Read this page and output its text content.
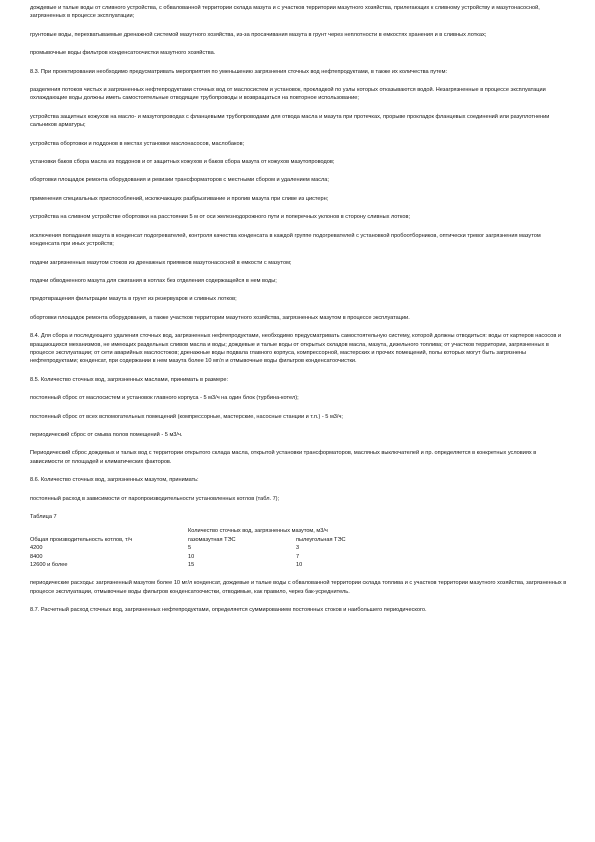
дождевые и талые воды от сливного устройства, с обвалованной территории склада мазута и с участков территории мазутного хозяйства, прилегающих к сливному устройству и мазутонасосной, загрязненных в процессе эксплуатации;

грунтовые воды, перехватываемые дренажной системой мазутного хозяйства, из-за просачивания мазута в грунт через неплотности в емкостях хранения и в сливных лотках;

промывочные воды фильтров конденсатоочистки мазутного хозяйства.

8.3. При проектировании необходимо предусматривать мероприятия по уменьшению загрязнения сточных вод нефтепродуктами, в также их количества путем:

разделения потоков чистых и загрязненных нефтепродуктами сточных вод от маслосистем и установок, прокладкой по узлы которых отказываются водой. Незагрязненные в процессе эксплуатации охлаждающие воды должны иметь самостоятельные отводящие трубопроводы и возвращаться на повторное использование;

устройства защитных кожухов на масло- и мазутопроводах с фланцевыми трубопроводами для отвода масла и мазута при протечках, прорыве прокладок фланцевых соединений или разуплотнении сальников арматуры;

устройства обортовки и поддонов в местах установки маслонасосов, маслобаков;

установки баков сбора масла из поддонов и от защитных кожухов и баков сбора мазута от кожухов мазутопроводов;

обортовки площадок ремонта оборудования и ревизии трансформаторов с местными сбором и удалением масла;

применения специальных приспособлений, исключающих разбрызгивание и пролив мазута при сливе из цистерн;

устройства на сливном устройстве обортовки на расстоянии 5 м от оси железнодорожного пути и поперечных уклонов в сторону сливных лотков;

исключения попадания мазута в конденсат подогревателей, контроля качества конденсата в каждой группе подогревателей с установкой пробоотборников, оптически тревог загрязнения мазутом конденсата при иных устройств;

подачи загрязненных мазутом стоков из дренажных приямков мазутонасосной в емкости с мазутом;

подачи обводненного мазута для сжигания в котлах без отделения содержащейся в нем воды;

предотвращения фильтрации мазута в грунт из резервуаров и сливных лотков;

обортовки площадок ремонта оборудования, а также участков территории мазутного хозяйства, загрязненных мазутом в процессе эксплуатации.

8.4. Для сбора и последующего удаления сточных вод, загрязненных нефтепродуктами, необходимо предусматривать самостоятельную систему, которой должны отводиться: воды от картеров насосов и вращающихся механизмов, не имеющих раздельных сливов масла и воды; дождевые и талые воды от открытых складов масла, мазута, дизельного топлива; от участков территории, загрязненных в процессе эксплуатации; от сети аварийных маслостоков; дренажные воды подвала главного корпуса, компрессорной, мастерских и прочих помещений, полы которых могут быть загрязнены нефтепродуктами; конденсат, при содержании в нем мазута более 10 мг/л и отмывочные воды фильтров конденсатоочистки.

8.5. Количество сточных вод, загрязненных маслами, принимать в размере:

постоянный сброс от маслосистем и установок главного корпуса - 5 м3/ч на один блок (турбина-котел);

постоянный сброс от всех вспомогательных помещений (компрессорные, мастерские, насосные станции и т.п.) - 5 м3/ч;

периодический сброс от смыва полов помещений - 5 м3/ч.

Периодический сброс дождевых и талых вод с территории открытого склада масла, открытой установки трансформаторов, масляных выключателей и пр. определяется в конкретных условиях в зависимости от площадей и климатических факторов.

8.6. Количество сточных вод, загрязненных мазутом, принимать:

постоянный расход в зависимости от паропроизводительности установленных котлов (табл. 7);

Таблица 7
Общая производительность котлов, т/ч	Количество сточных вод, загрязненных мазутом, м3/ч	
	газомазутная ТЭС	пылеугольная ТЭС
4200	5	3
8400	10	7
12600 и более	15	10

периодические расходы: загрязненный мазутом более 10 мг/л конденсат, дождевые и талые воды с обвалованной территории склада топлива и с участков территории мазутного хозяйства, загрязненных в процессе эксплуатации, отмывочные воды фильтров конденсатоочистки, отводимые, как правило, через бак-усреднитель.

8.7. Расчетный расход сточных вод, загрязненных нефтепродуктами, определяется суммированием постоянных стоков и наибольшего периодического.
